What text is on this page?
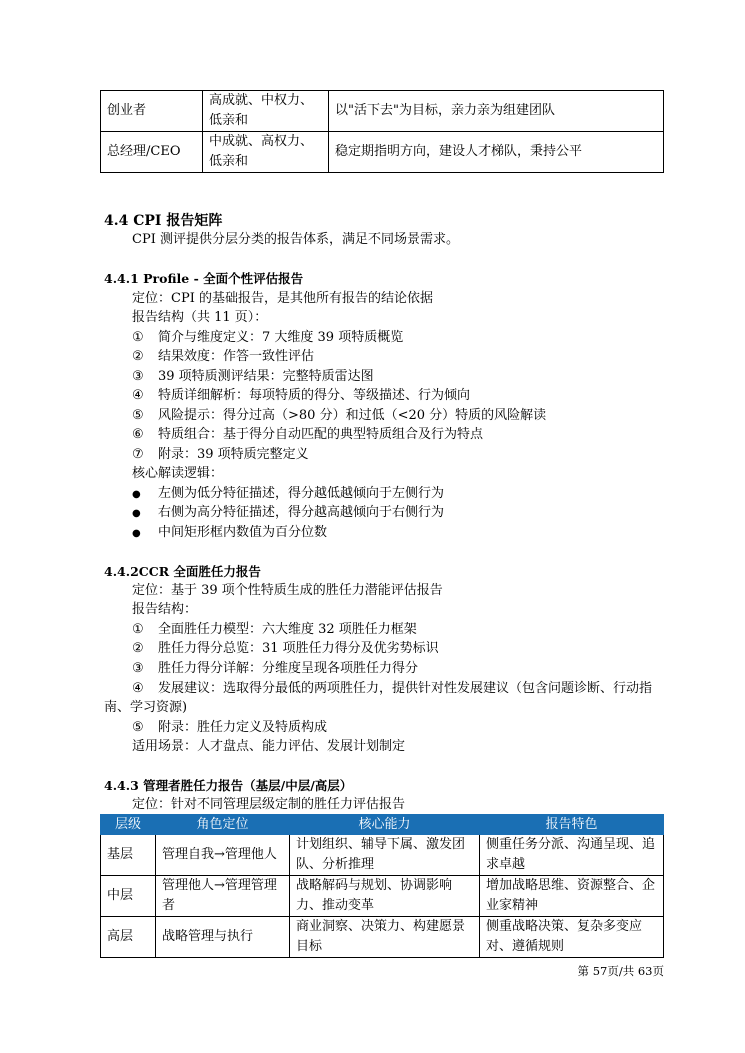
创业者	高成就、中权力、低亲和	以"活下去"为目标，亲力亲为组建团队
总经理/CEO	中成就、高权力、低亲和	稳定期指明方向，建设人才梯队，秉持公平
4.4 CPI 报告矩阵
CPI 测评提供分层分类的报告体系，满足不同场景需求。
4.4.1 Profile - 全面个性评估报告
定位：CPI 的基础报告，是其他所有报告的结论依据
报告结构（共 11 页）：
① 简介与维度定义：7 大维度 39 项特质概览
② 结果效度：作答一致性评估
③ 39 项特质测评结果：完整特质雷达图
④ 特质详细解析：每项特质的得分、等级描述、行为倾向
⑤ 风险提示：得分过高（>80 分）和过低（<20 分）特质的风险解读
⑥ 特质组合：基于得分自动匹配的典型特质组合及行为特点
⑦ 附录：39 项特质完整定义
核心解读逻辑：
● 左侧为低分特征描述，得分越低越倾向于左侧行为
● 右侧为高分特征描述，得分越高越倾向于右侧行为
● 中间矩形框内数值为百分位数
4.4.2CCR 全面胜任力报告
定位：基于 39 项个性特质生成的胜任力潜能评估报告
报告结构：
① 全面胜任力模型：六大维度 32 项胜任力框架
② 胜任力得分总览：31 项胜任力得分及优劣势标识
③ 胜任力得分详解：分维度呈现各项胜任力得分
④ 发展建议：选取得分最低的两项胜任力，提供针对性发展建议（包含问题诊断、行动指
南、学习资源)
⑤ 附录：胜任力定义及特质构成
适用场景：人才盘点、能力评估、发展计划制定
4.4.3 管理者胜任力报告（基层/中层/高层）
定位：针对不同管理层级定制的胜任力评估报告
层级	角色定位	核心能力	报告特色
基层	管理自我→管理他人	计划组织、辅导下属、激发团队、分析推理	侧重任务分派、沟通呈现、追求卓越
中层	管理他人→管理管理者	战略解码与规划、协调影响力、推动变革	增加战略思维、资源整合、企业家精神
高层	战略管理与执行	商业洞察、决策力、构建愿景目标	侧重战略决策、复杂多变应对、遵循规则
第 57页/共 63页
